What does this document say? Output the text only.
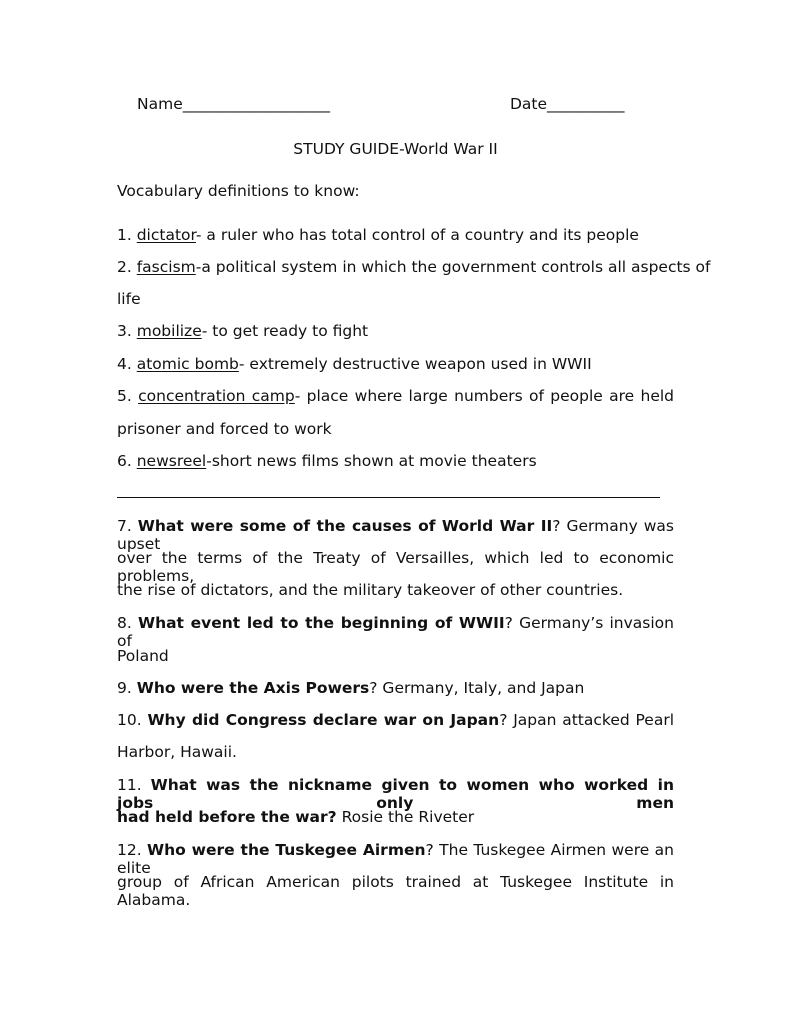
Name___________________	Date__________
STUDY GUIDE-World War II
Vocabulary definitions to know:
1. dictator- a ruler who has total control of a country and its people
2. fascism-a political system in which the government controls all aspects of
life
3. mobilize- to get ready to fight
4. atomic bomb- extremely destructive weapon used in WWII
5. concentration camp- place where large numbers of people are held
prisoner and forced to work
6. newsreel-short news films shown at movie theaters
7. What were some of the causes of World War II? Germany was upset
over the terms of the Treaty of Versailles, which led to economic problems,
the rise of dictators, and the military takeover of other countries.
8. What event led to the beginning of WWII? Germany’s invasion of
Poland
9. Who were the Axis Powers? Germany, Italy, and Japan
10. Why did Congress declare war on Japan? Japan attacked Pearl
Harbor, Hawaii.
11. What was the nickname given to women who worked in jobs only men
had held before the war? Rosie the Riveter
12. Who were the Tuskegee Airmen? The Tuskegee Airmen were an elite
group of African American pilots trained at Tuskegee Institute in Alabama.
